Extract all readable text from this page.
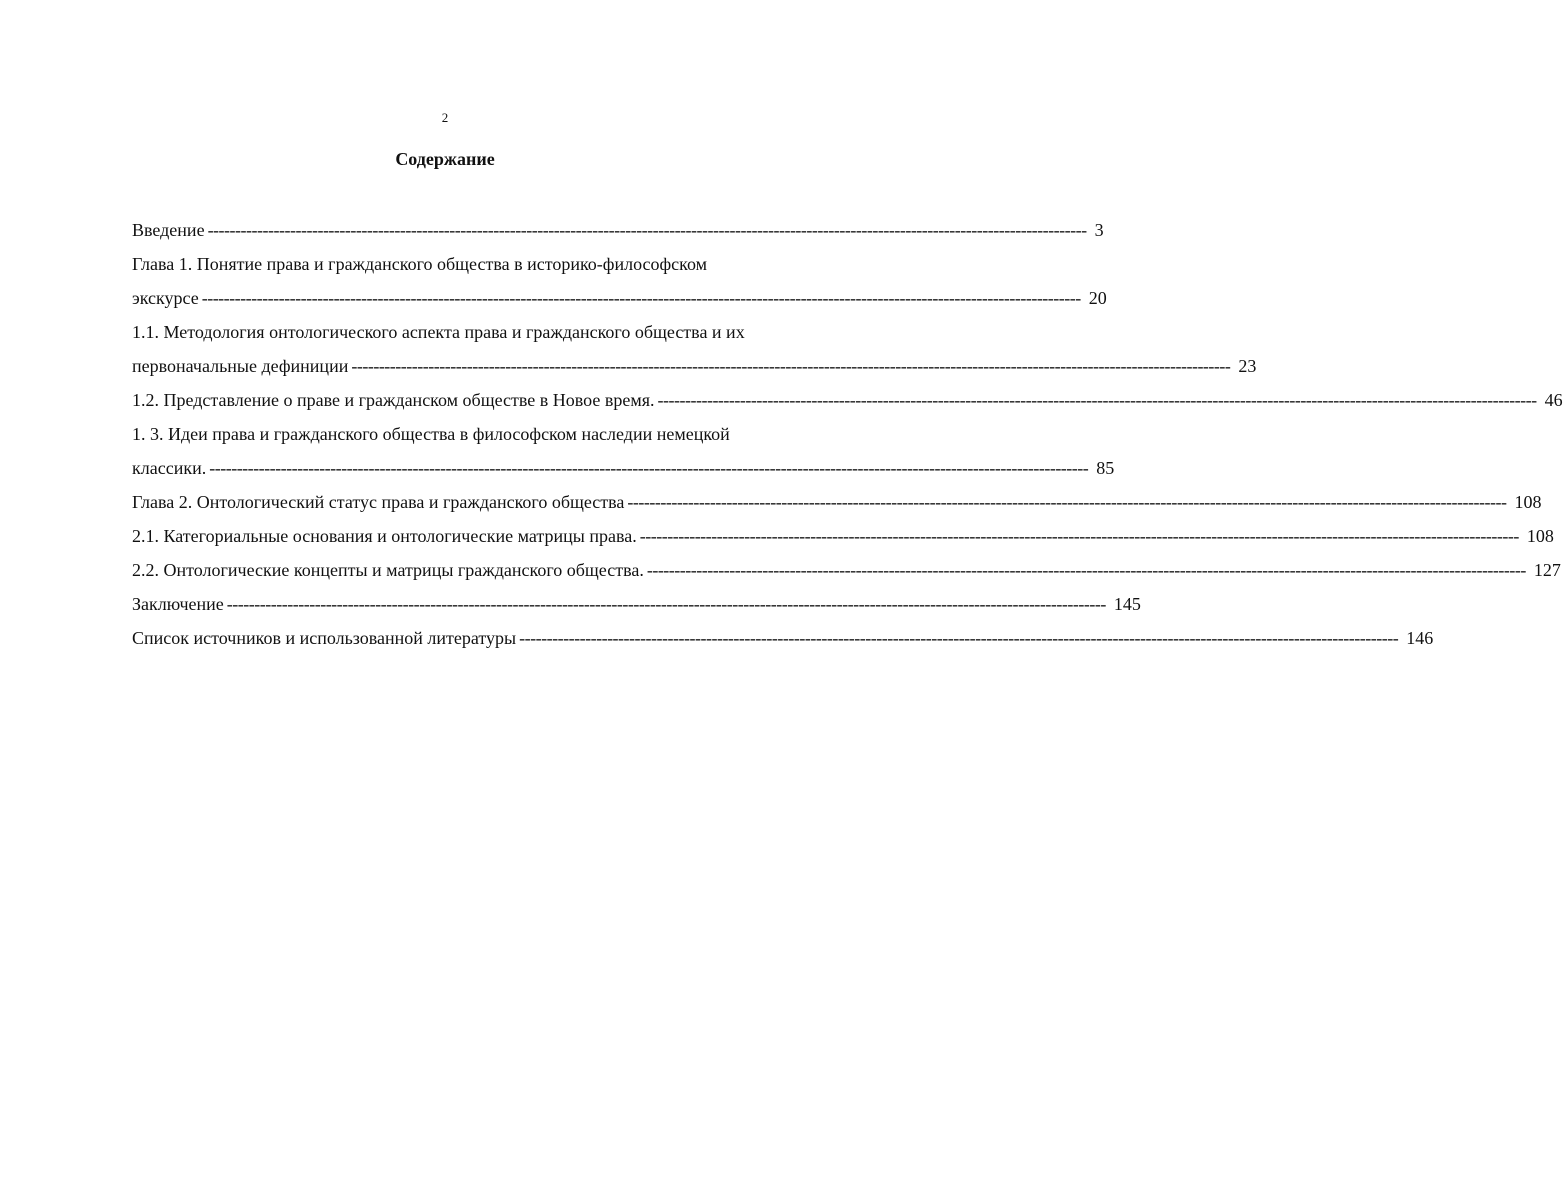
2
Содержание
Введение ---------------------------------------------------------------------------------------------------------------------------------------------------------------- 3
Глава 1. Понятие права и гражданского общества в историко-философском
экскурсе ---------------------------------------------------------------------------------------------------------------------------------------------------------------- 20
1.1. Методология онтологического аспекта права и гражданского общества и их
первоначальные дефиниции ---------------------------------------------------------------------------------------------------------------------------------------------------------------- 23
1.2. Представление о праве и гражданском обществе в Новое время. ---------------------------------------------------------------------------------------------------------------------------------------------------------------- 46
1. 3. Идеи права и гражданского общества в философском наследии немецкой
классики. ---------------------------------------------------------------------------------------------------------------------------------------------------------------- 85
Глава 2. Онтологический статус права и гражданского общества ---------------------------------------------------------------------------------------------------------------------------------------------------------------- 108
2.1. Категориальные основания и онтологические матрицы права. ---------------------------------------------------------------------------------------------------------------------------------------------------------------- 108
2.2. Онтологические концепты и матрицы гражданского общества. ---------------------------------------------------------------------------------------------------------------------------------------------------------------- 127
Заключение ---------------------------------------------------------------------------------------------------------------------------------------------------------------- 145
Список источников и использованной литературы ---------------------------------------------------------------------------------------------------------------------------------------------------------------- 146
